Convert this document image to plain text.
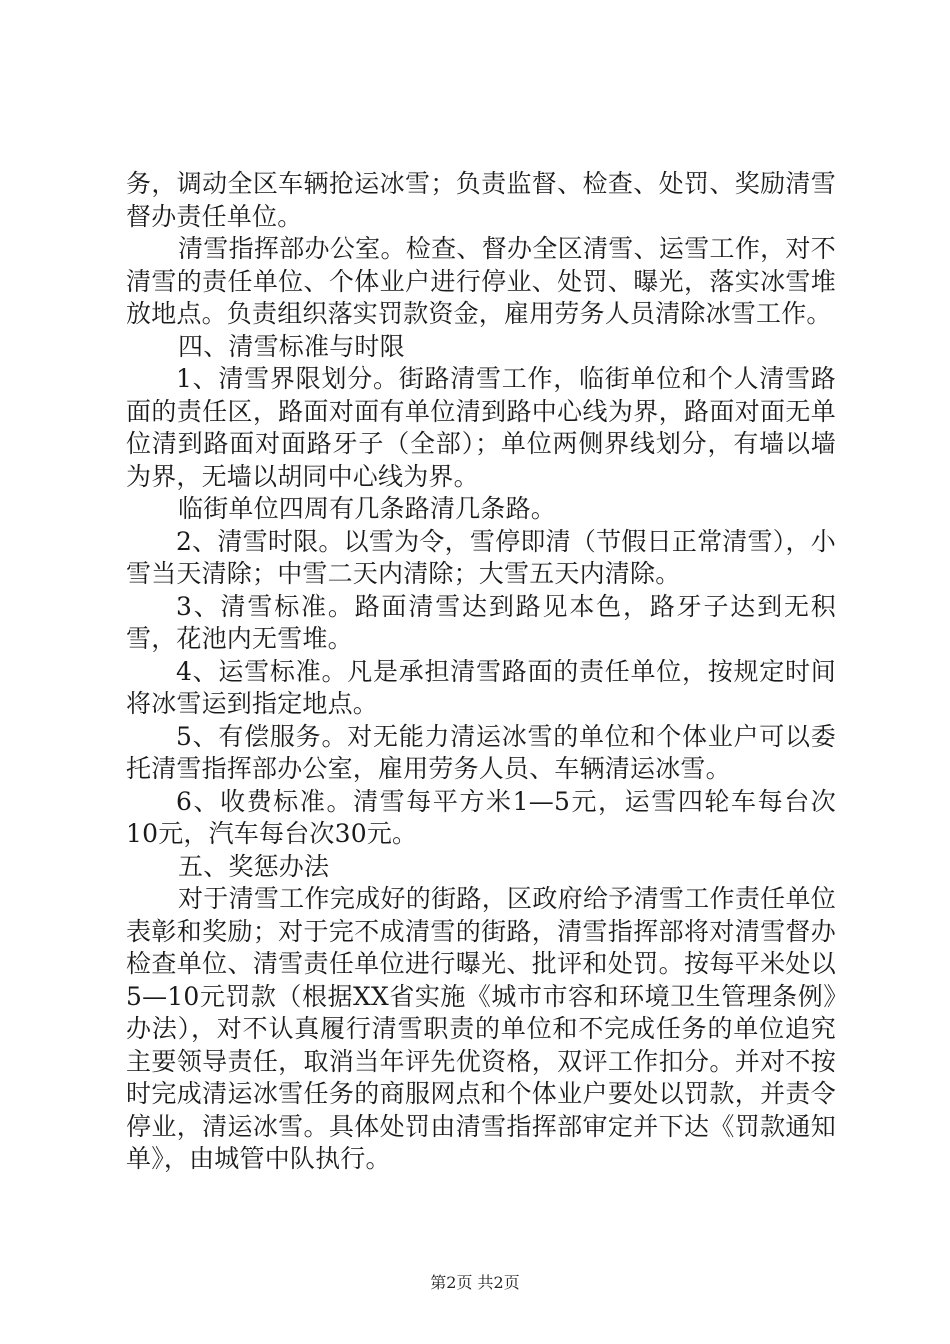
务，调动全区车辆抢运冰雪；负责监督、检查、处罚、奖励清雪督办责任单位。

清雪指挥部办公室。检查、督办全区清雪、运雪工作，对不清雪的责任单位、个体业户进行停业、处罚、曝光，落实冰雪堆放地点。负责组织落实罚款资金，雇用劳务人员清除冰雪工作。

四、清雪标准与时限

1、清雪界限划分。街路清雪工作，临街单位和个人清雪路面的责任区，路面对面有单位清到路中心线为界，路面对面无单位清到路面对面路牙子（全部）；单位两侧界线划分，有墙以墙为界，无墙以胡同中心线为界。

临街单位四周有几条路清几条路。

2、清雪时限。以雪为令，雪停即清（节假日正常清雪），小雪当天清除；中雪二天内清除；大雪五天内清除。

3、清雪标准。路面清雪达到路见本色，路牙子达到无积雪，花池内无雪堆。

4、运雪标准。凡是承担清雪路面的责任单位，按规定时间将冰雪运到指定地点。

5、有偿服务。对无能力清运冰雪的单位和个体业户可以委托清雪指挥部办公室，雇用劳务人员、车辆清运冰雪。

6、收费标准。清雪每平方米1—5元，运雪四轮车每台次10元，汽车每台次30元。

五、奖惩办法

对于清雪工作完成好的街路，区政府给予清雪工作责任单位表彰和奖励；对于完不成清雪的街路，清雪指挥部将对清雪督办检查单位、清雪责任单位进行曝光、批评和处罚。按每平米处以5—10元罚款（根据XX省实施《城市市容和环境卫生管理条例》办法），对不认真履行清雪职责的单位和不完成任务的单位追究主要领导责任，取消当年评先优资格，双评工作扣分。并对不按时完成清运冰雪任务的商服网点和个体业户要处以罚款，并责令停业，清运冰雪。具体处罚由清雪指挥部审定并下达《罚款通知单》，由城管中队执行。

第2页 共2页
